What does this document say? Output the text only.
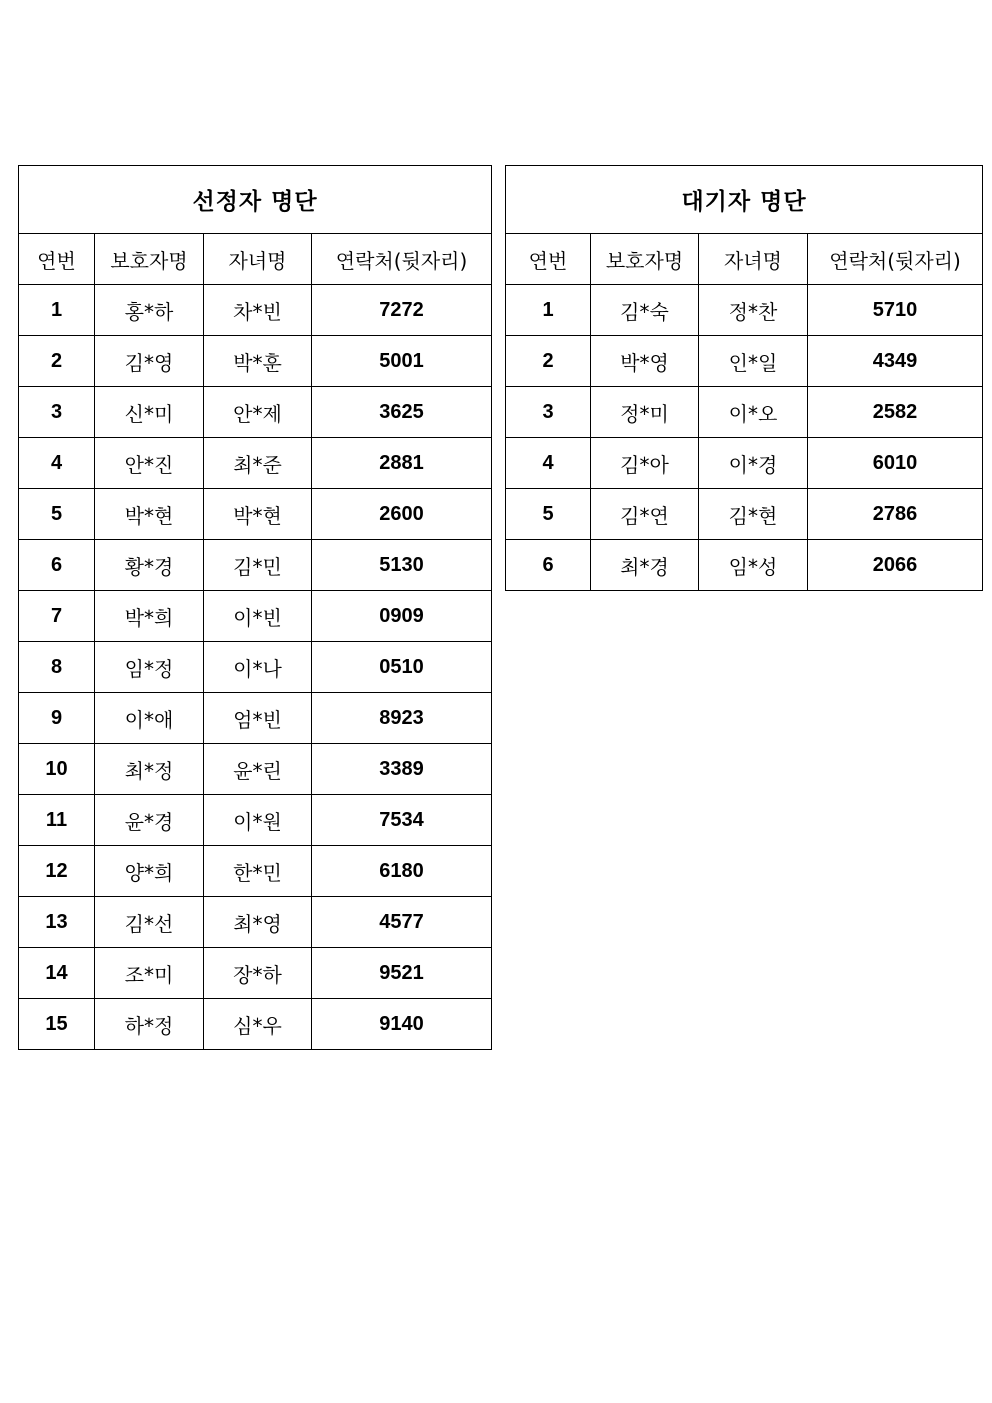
선정자 명단			
연번	보호자명	자녀명	연락처(뒷자리)
1	홍*하	차*빈	7272
2	김*영	박*훈	5001
3	신*미	안*제	3625
4	안*진	최*준	2881
5	박*현	박*현	2600
6	황*경	김*민	5130
7	박*희	이*빈	0909
8	임*정	이*나	0510
9	이*애	엄*빈	8923
10	최*정	윤*린	3389
11	윤*경	이*원	7534
12	양*희	한*민	6180
13	김*선	최*영	4577
14	조*미	장*하	9521
15	하*정	심*우	9140
대기자 명단			
연번	보호자명	자녀명	연락처(뒷자리)
1	김*숙	정*찬	5710
2	박*영	인*일	4349
3	정*미	이*오	2582
4	김*아	이*경	6010
5	김*연	김*현	2786
6	최*경	임*성	2066
